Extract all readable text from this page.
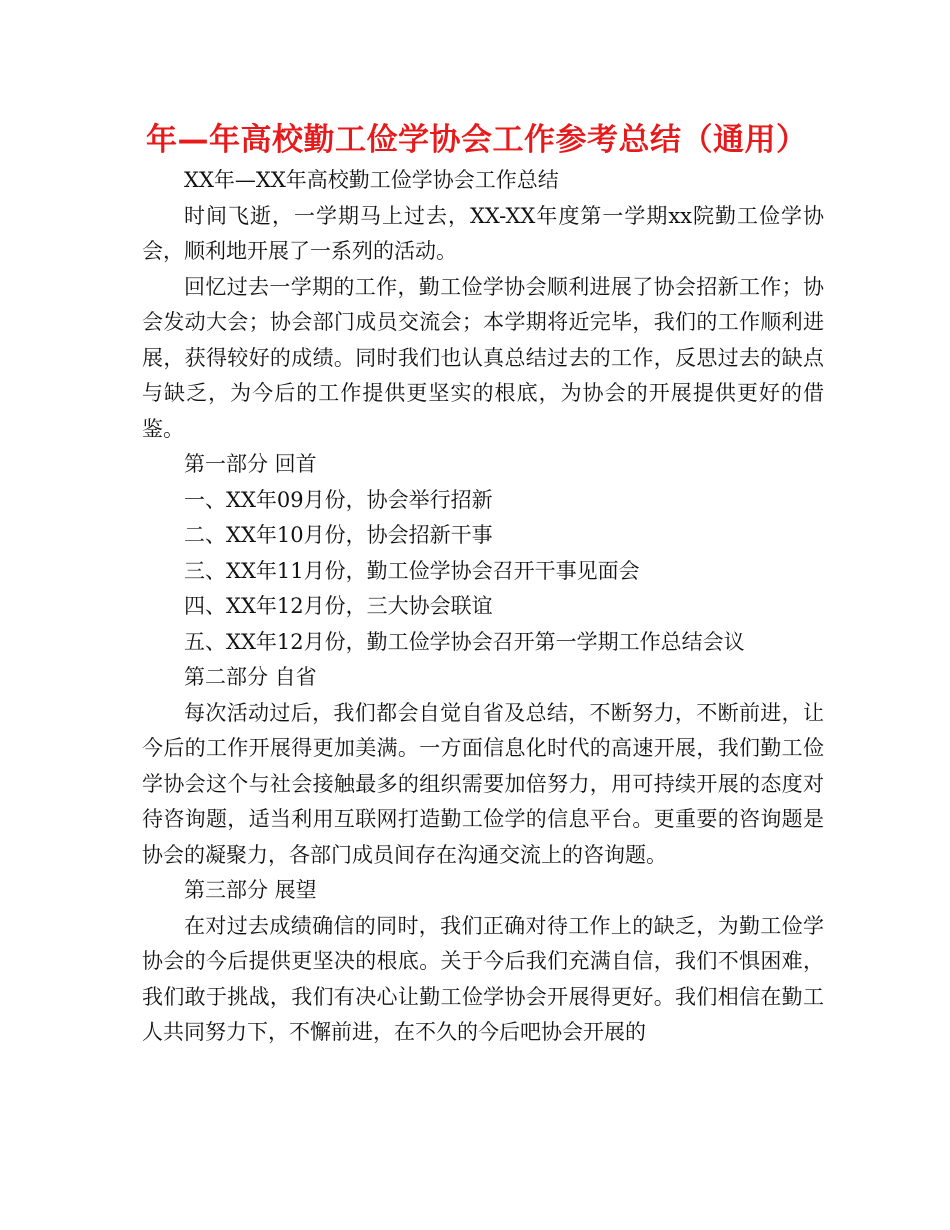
年—年高校勤工俭学协会工作参考总结（通用）

XX年—XX年高校勤工俭学协会工作总结

时间飞逝，一学期马上过去，XX-XX年度第一学期xx院勤工俭学协会，顺利地开展了一系列的活动。

回忆过去一学期的工作，勤工俭学协会顺利进展了协会招新工作；协会发动大会；协会部门成员交流会；本学期将近完毕，我们的工作顺利进展，获得较好的成绩。同时我们也认真总结过去的工作，反思过去的缺点与缺乏，为今后的工作提供更坚实的根底，为协会的开展提供更好的借鉴。

第一部分 回首

一、XX年09月份，协会举行招新

二、XX年10月份，协会招新干事

三、XX年11月份，勤工俭学协会召开干事见面会

四、XX年12月份，三大协会联谊

五、XX年12月份，勤工俭学协会召开第一学期工作总结会议

第二部分 自省

每次活动过后，我们都会自觉自省及总结，不断努力，不断前进，让今后的工作开展得更加美满。一方面信息化时代的高速开展，我们勤工俭学协会这个与社会接触最多的组织需要加倍努力，用可持续开展的态度对待咨询题，适当利用互联网打造勤工俭学的信息平台。更重要的咨询题是协会的凝聚力，各部门成员间存在沟通交流上的咨询题。

第三部分 展望

在对过去成绩确信的同时，我们正确对待工作上的缺乏，为勤工俭学协会的今后提供更坚决的根底。关于今后我们充满自信，我们不惧困难，我们敢于挑战，我们有决心让勤工俭学协会开展得更好。我们相信在勤工人共同努力下，不懈前进，在不久的今后吧协会开展的
